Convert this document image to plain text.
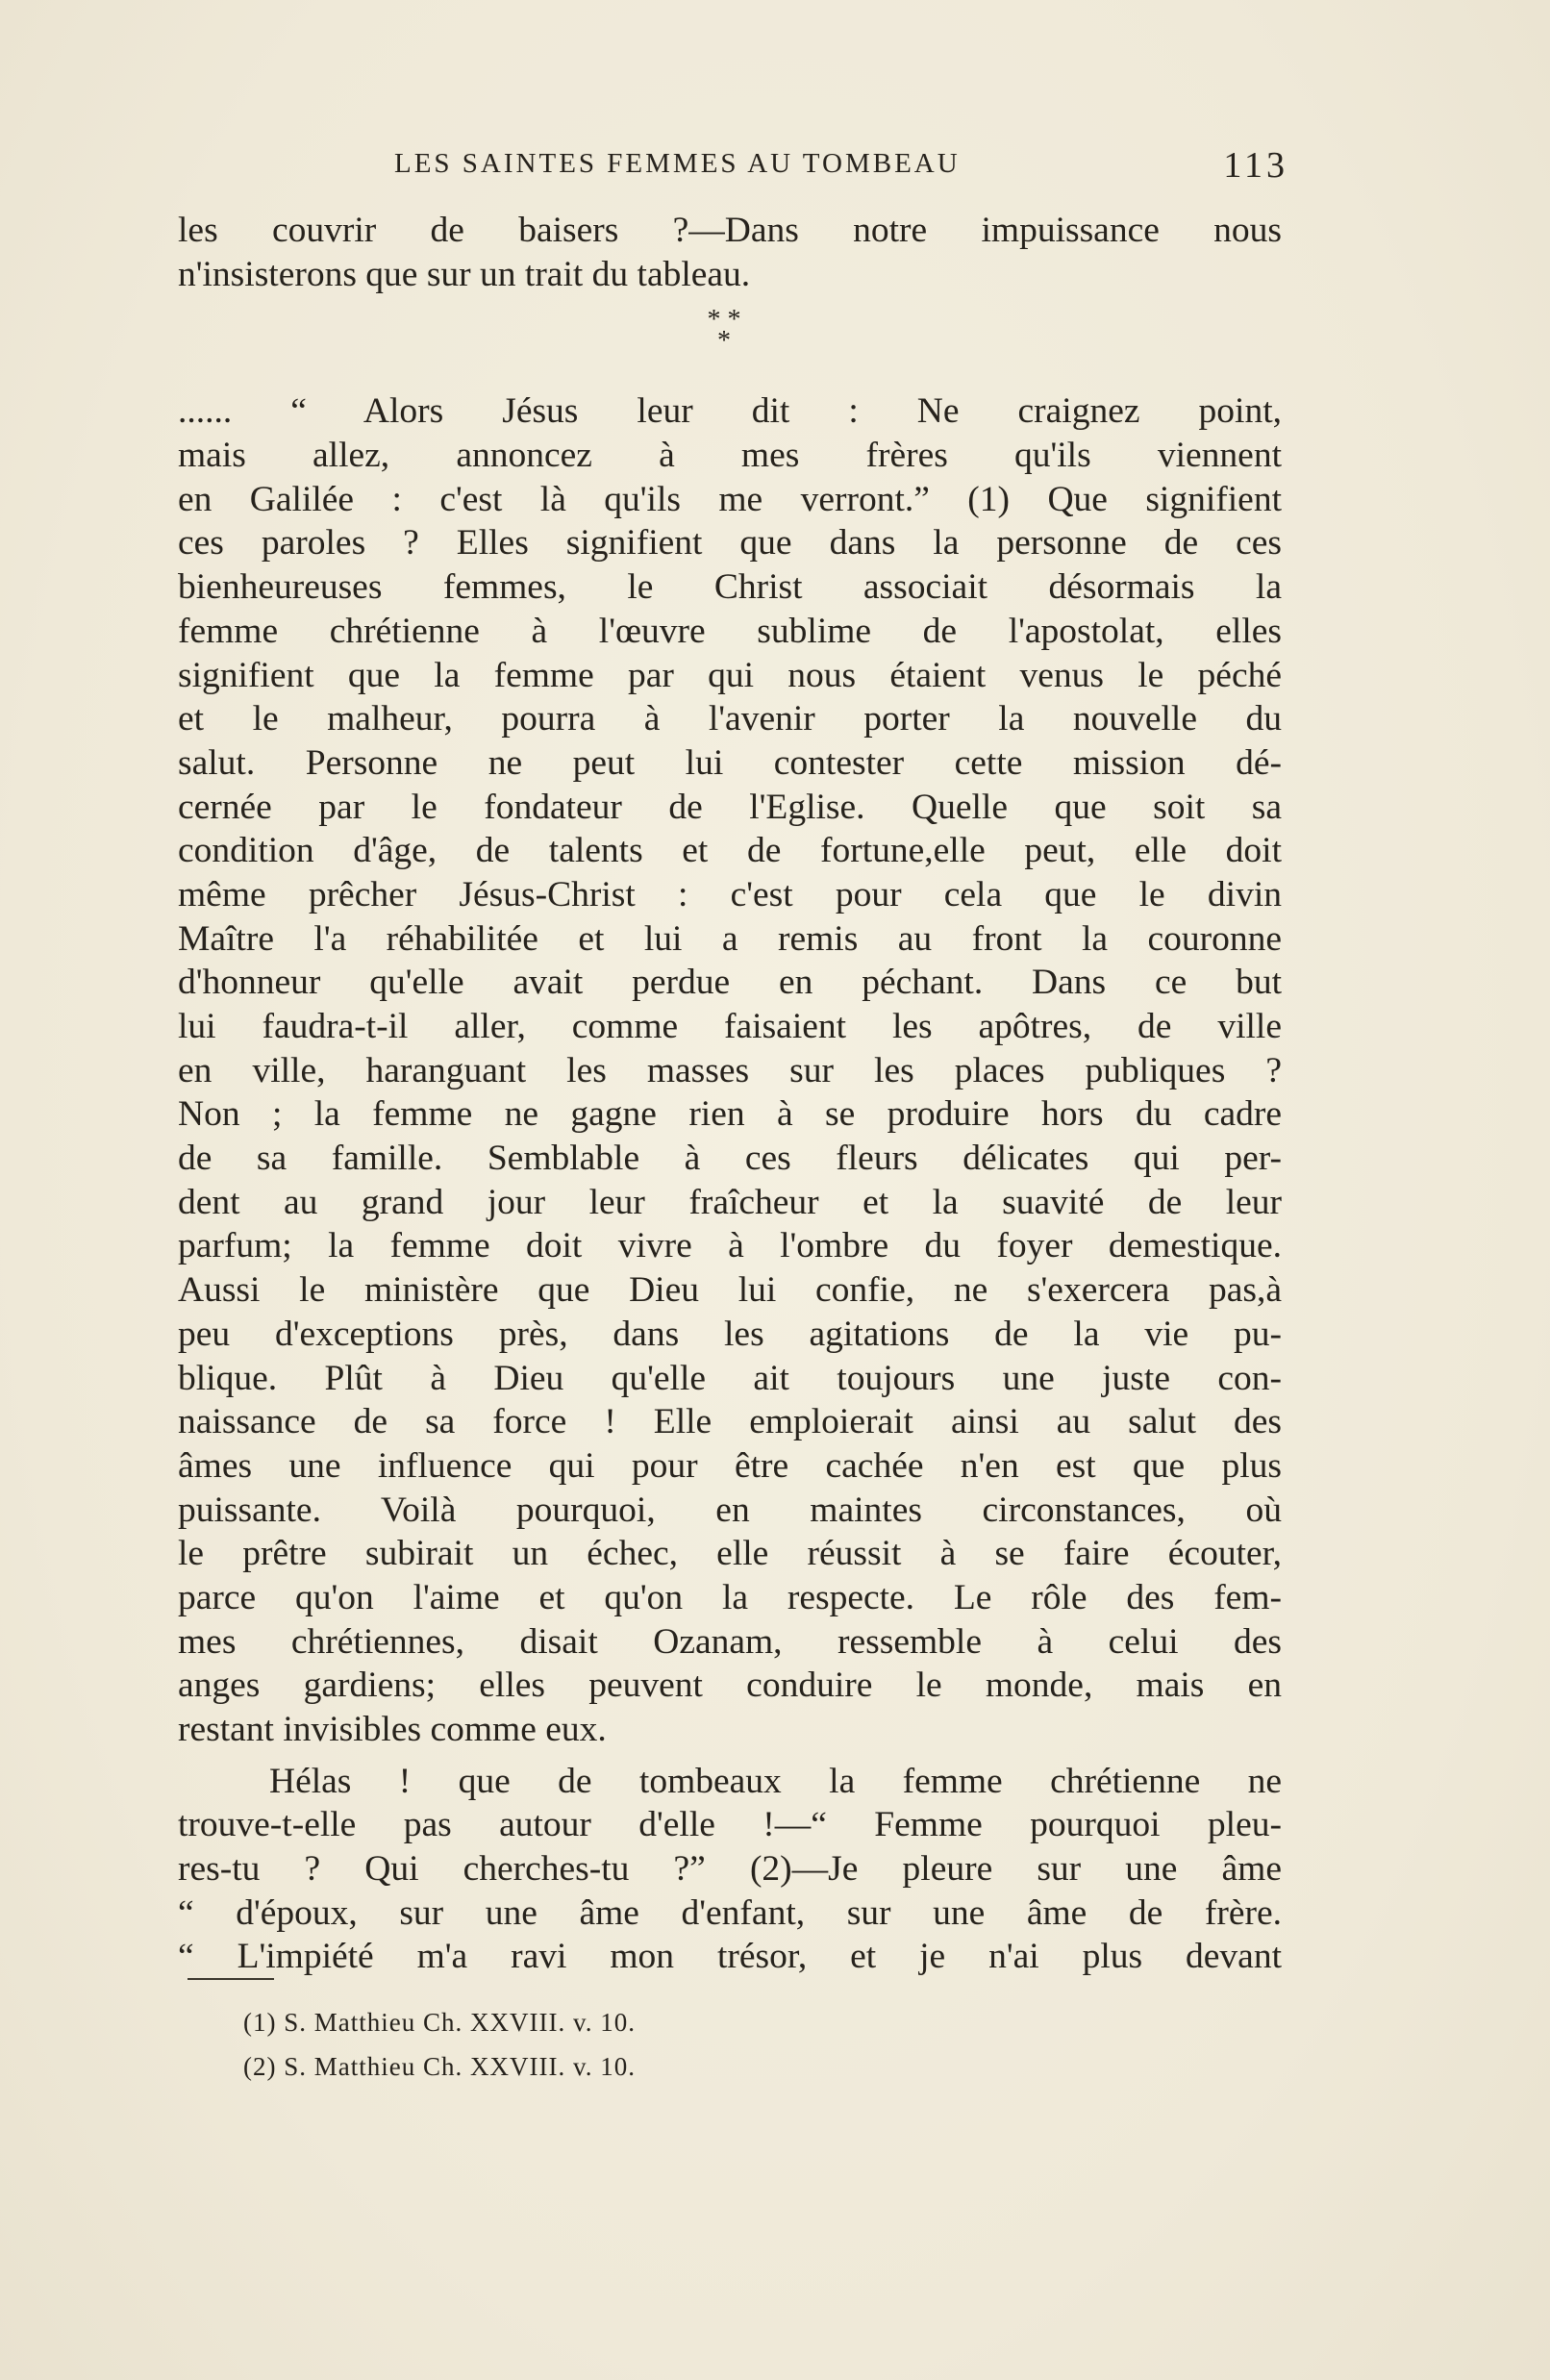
LES SAINTES FEMMES AU TOMBEAU	113
les couvrir de baisers ?—Dans notre impuissance nous
n'insisterons que sur un trait du tableau.
...... “ Alors Jésus leur dit : Ne craignez point,
mais allez, annoncez à mes frères qu'ils viennent
en Galilée : c'est là qu'ils me verront.” (1) Que signifient
ces paroles ? Elles signifient que dans la personne de ces
bienheureuses femmes, le Christ associait désormais la
femme chrétienne à l'œuvre sublime de l'apostolat, elles
signifient que la femme par qui nous étaient venus le péché
et le malheur, pourra à l'avenir porter la nouvelle du
salut. Personne ne peut lui contester cette mission dé-
cernée par le fondateur de l'Eglise. Quelle que soit sa
condition d'âge, de talents et de fortune,elle peut, elle doit
même prêcher Jésus-Christ : c'est pour cela que le divin
Maître l'a réhabilitée et lui a remis au front la couronne
d'honneur qu'elle avait perdue en péchant. Dans ce but
lui faudra-t-il aller, comme faisaient les apôtres, de ville
en ville, haranguant les masses sur les places publiques ?
Non ; la femme ne gagne rien à se produire hors du cadre
de sa famille. Semblable à ces fleurs délicates qui per-
dent au grand jour leur fraîcheur et la suavité de leur
parfum; la femme doit vivre à l'ombre du foyer demestique.
Aussi le ministère que Dieu lui confie, ne s'exercera pas,à
peu d'exceptions près, dans les agitations de la vie pu-
blique. Plût à Dieu qu'elle ait toujours une juste con-
naissance de sa force ! Elle emploierait ainsi au salut des
âmes une influence qui pour être cachée n'en est que plus
puissante. Voilà pourquoi, en maintes circonstances, où
le prêtre subirait un échec, elle réussit à se faire écouter,
parce qu'on l'aime et qu'on la respecte. Le rôle des fem-
mes chrétiennes, disait Ozanam, ressemble à celui des
anges gardiens; elles peuvent conduire le monde, mais en
restant invisibles comme eux.
Hélas ! que de tombeaux la femme chrétienne ne
trouve-t-elle pas autour d'elle !—“ Femme pourquoi pleu-
res-tu ? Qui cherches-tu ?” (2)—Je pleure sur une âme
“ d'époux, sur une âme d'enfant, sur une âme de frère.
“ L'impiété m'a ravi mon trésor, et je n'ai plus devant
* *
*
(1) S. Matthieu Ch. XXVIII. v. 10.
(2) S. Matthieu Ch. XXVIII. v. 10.
